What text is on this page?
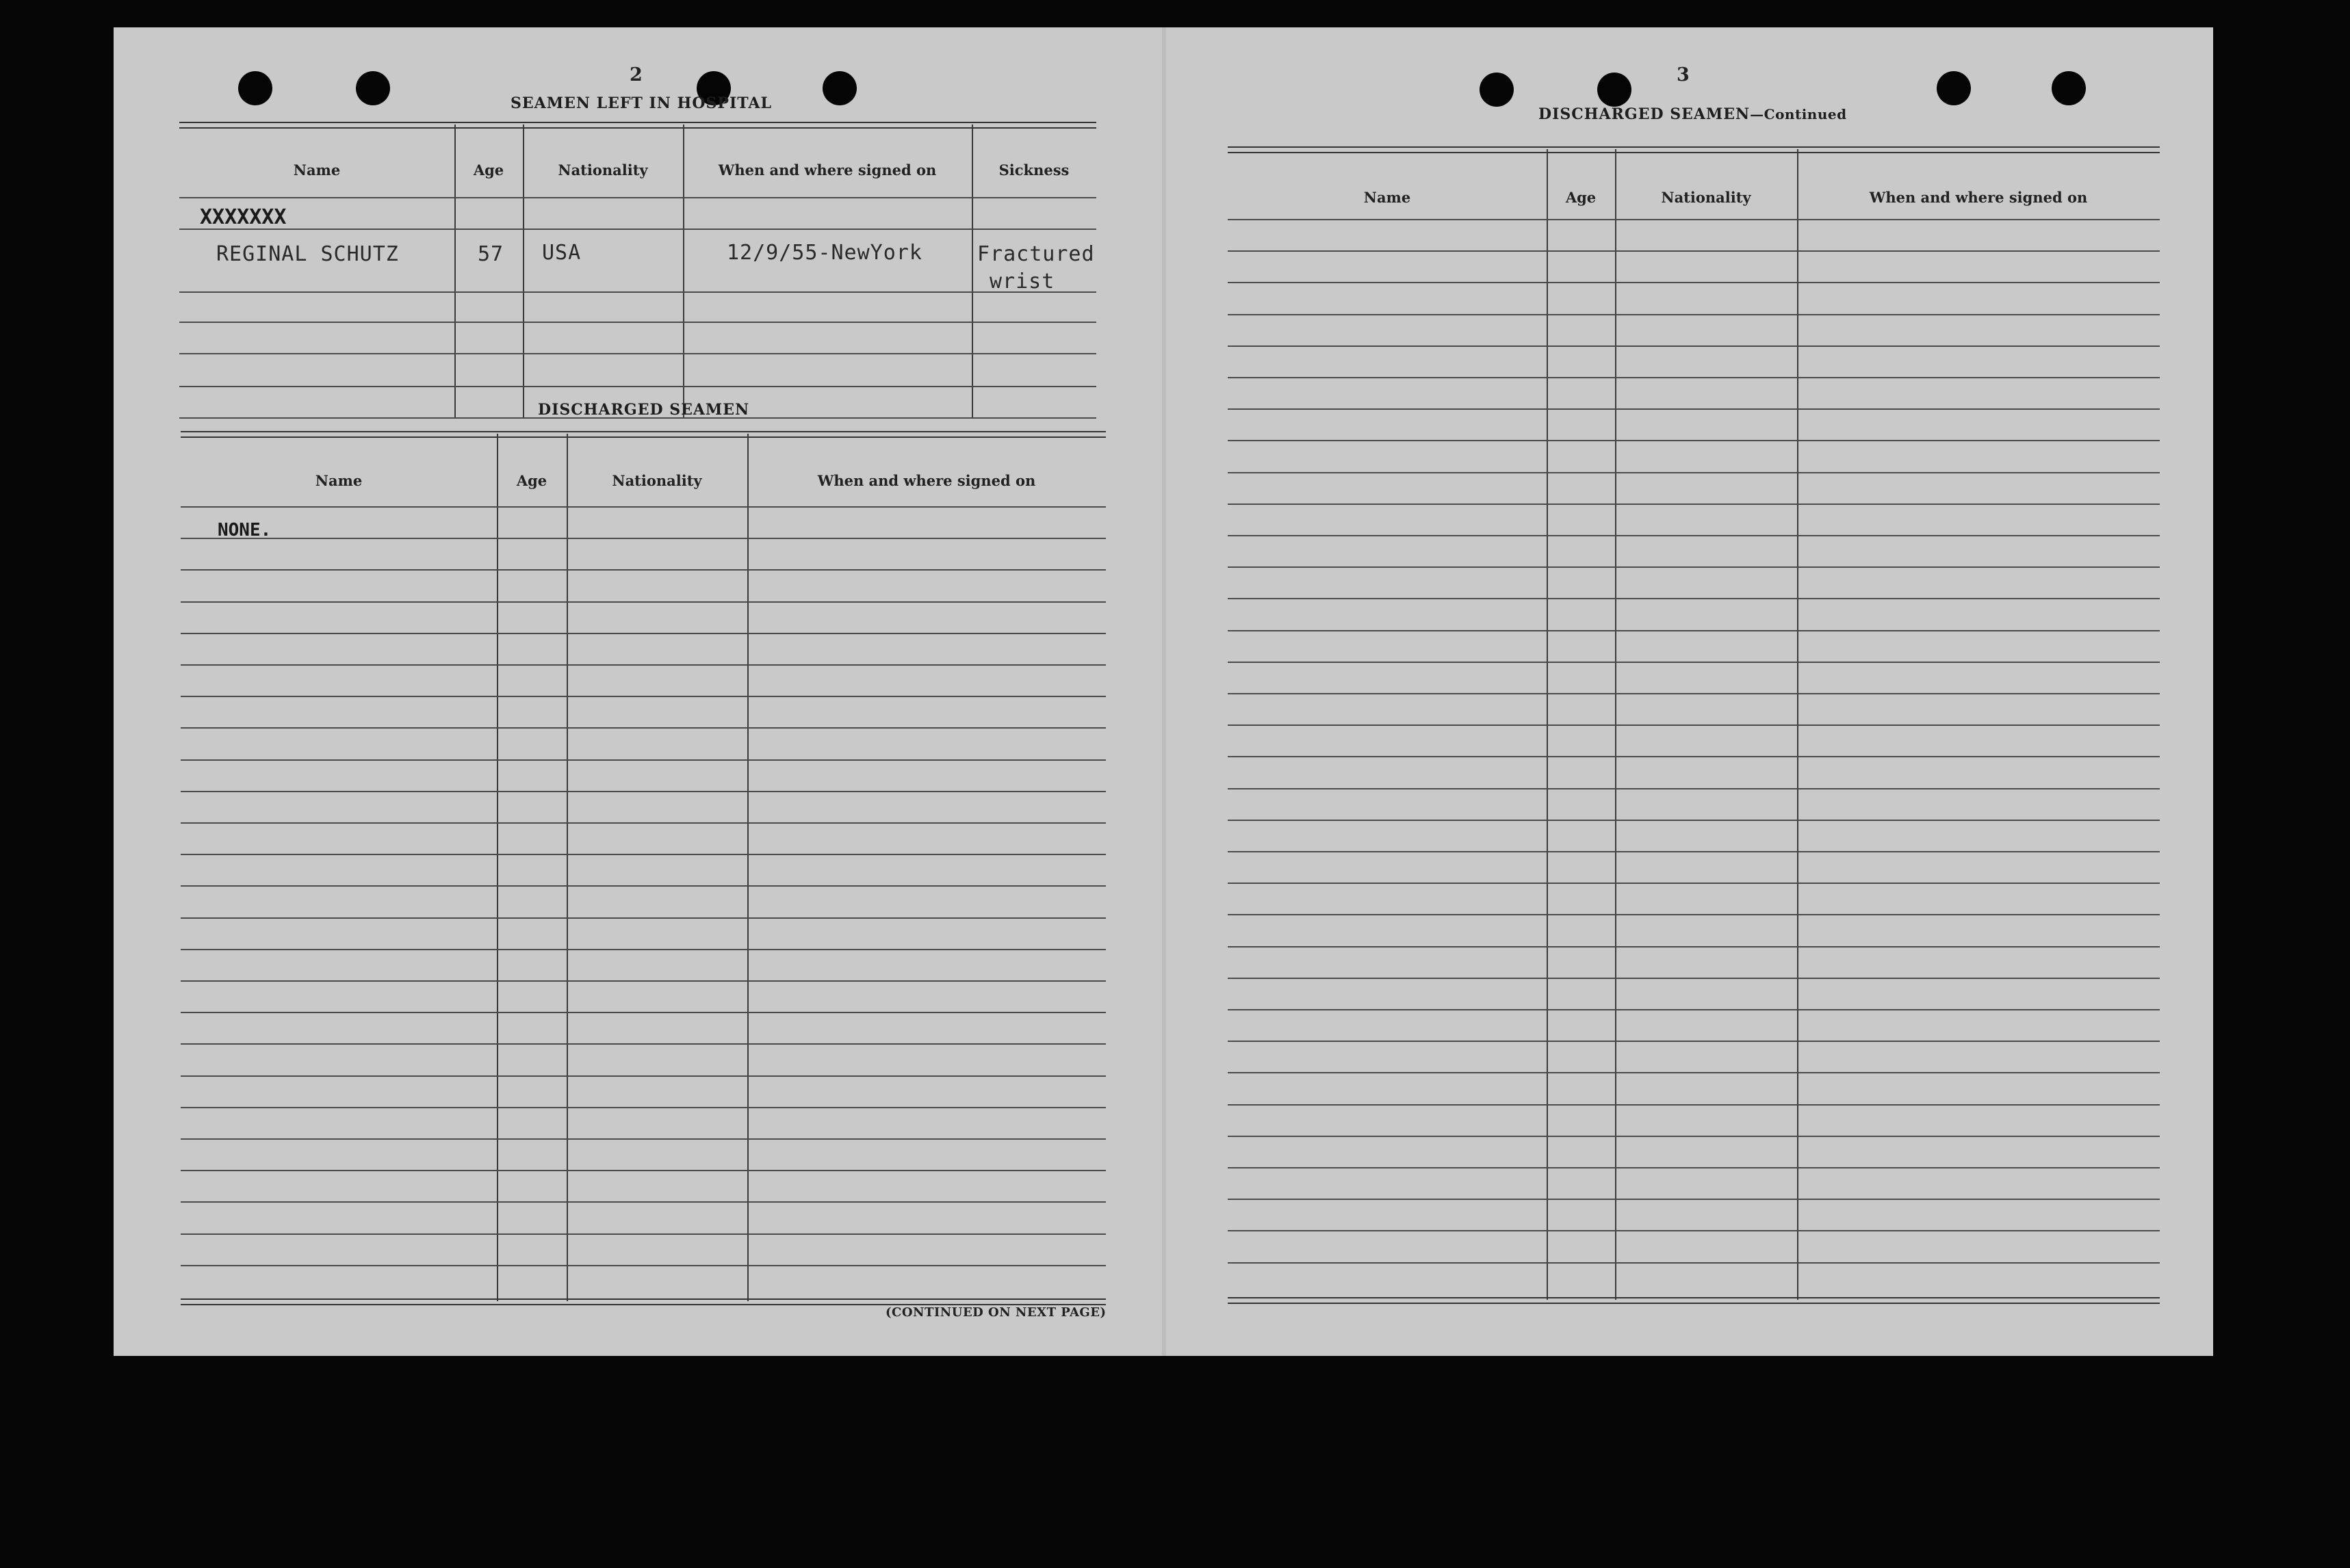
2
SEAMEN LEFT IN HOSPITAL
Name	Age	Nationality	When and where signed on	Sickness
XXXXXXX
REGINAL SCHUTZ	57 USA	12/9/55-NewYork	Fractured
wrist
DISCHARGED SEAMEN
Name	Age	Nationality	When and where signed on
NONE.
(CONTINUED ON NEXT PAGE)
3
DISCHARGED SEAMEN—Continued
Name	Age	Nationality	When and where signed on
